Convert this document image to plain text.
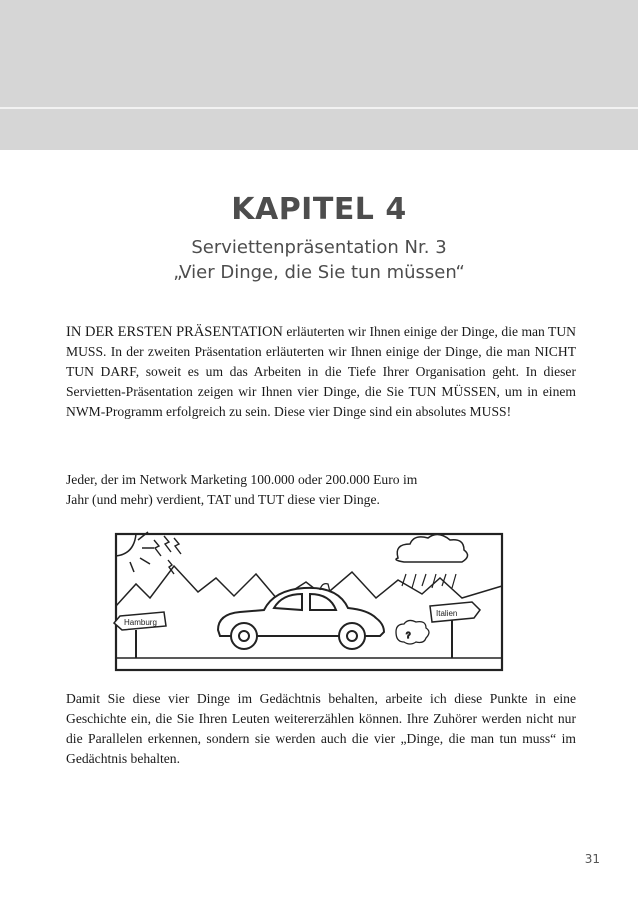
KAPITEL 4
Serviettenpräsentation Nr. 3
„Vier Dinge, die Sie tun müssen“

IN DER ERSTEN PRÄSENTATION erläuterten wir Ihnen einige der Dinge, die man TUN MUSS. In der zweiten Präsentation erläuterten wir Ihnen einige der Dinge, die man NICHT TUN DARF, soweit es um das Arbeiten in die Tiefe Ihrer Organisation geht. In dieser Servietten-Präsentation zeigen wir Ihnen vier Dinge, die Sie TUN MÜSSEN, um in einem NWM-Programm erfolgreich zu sein. Diese vier Dinge sind ein absolutes MUSS!

Jeder, der im Network Marketing 100.000 oder 200.000 Euro im
Jahr (und mehr) verdient, TAT und TUT diese vier Dinge.

Hamburg
Italien
?

Damit Sie diese vier Dinge im Gedächtnis behalten, arbeite ich diese Punkte in eine Geschichte ein, die Sie Ihren Leuten weitererzählen können. Ihre Zuhörer werden nicht nur die Parallelen erkennen, sondern sie werden auch die vier „Dinge, die man tun muss“ im Gedächtnis behalten.

31
